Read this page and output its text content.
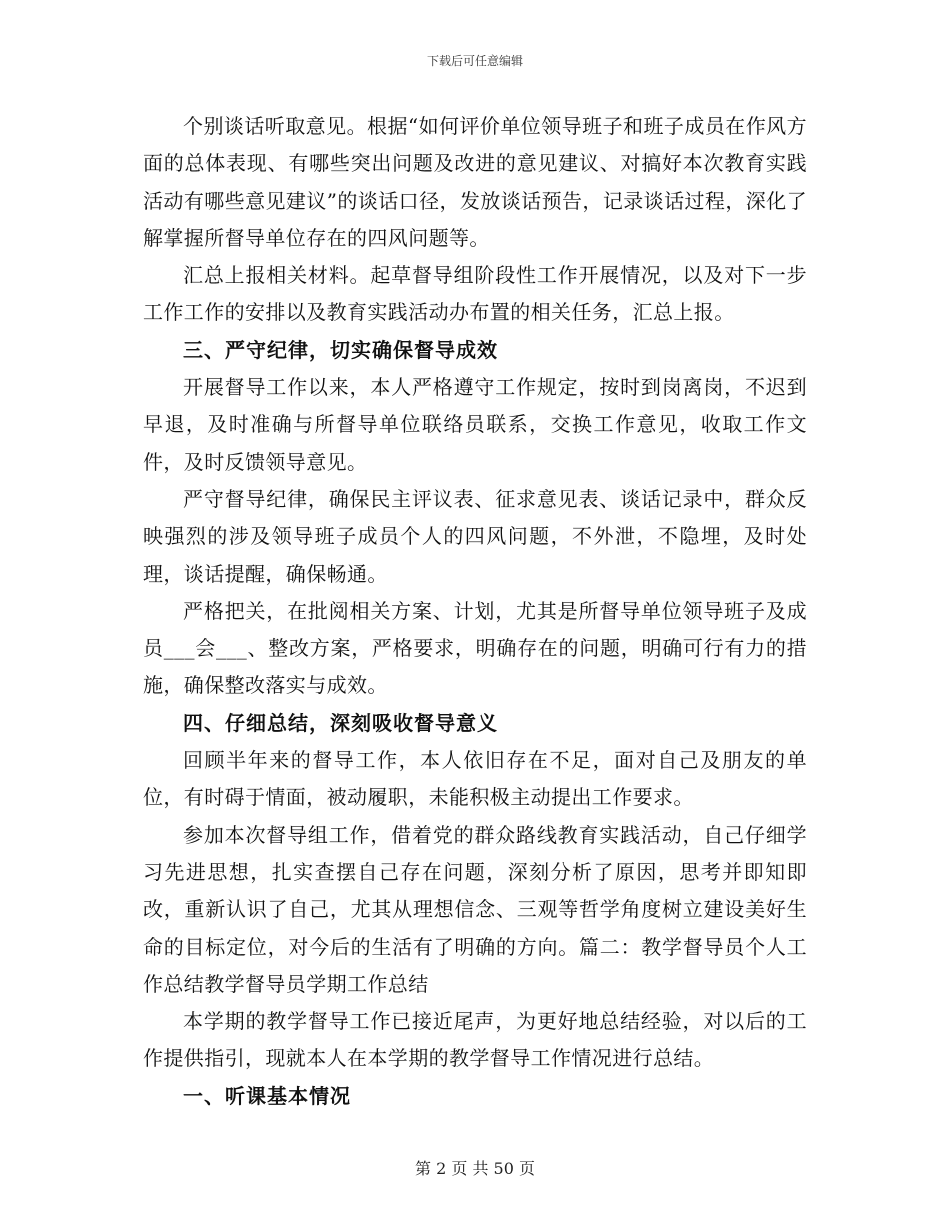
下载后可任意编辑

个别谈话听取意见。根据“如何评价单位领导班子和班子成员在作风方面的总体表现、有哪些突出问题及改进的意见建议、对搞好本次教育实践活动有哪些意见建议”的谈话口径，发放谈话预告，记录谈话过程，深化了解掌握所督导单位存在的四风问题等。

汇总上报相关材料。起草督导组阶段性工作开展情况，以及对下一步工作工作的安排以及教育实践活动办布置的相关任务，汇总上报。

三、严守纪律，切实确保督导成效

开展督导工作以来，本人严格遵守工作规定，按时到岗离岗，不迟到早退，及时准确与所督导单位联络员联系，交换工作意见，收取工作文件，及时反馈领导意见。

严守督导纪律，确保民主评议表、征求意见表、谈话记录中，群众反映强烈的涉及领导班子成员个人的四风问题，不外泄，不隐埋，及时处理，谈话提醒，确保畅通。

严格把关，在批阅相关方案、计划，尤其是所督导单位领导班子及成员___会___、整改方案，严格要求，明确存在的问题，明确可行有力的措施，确保整改落实与成效。

四、仔细总结，深刻吸收督导意义

回顾半年来的督导工作，本人依旧存在不足，面对自己及朋友的单位，有时碍于情面，被动履职，未能积极主动提出工作要求。

参加本次督导组工作，借着党的群众路线教育实践活动，自己仔细学习先进思想，扎实查摆自己存在问题，深刻分析了原因，思考并即知即改，重新认识了自己，尤其从理想信念、三观等哲学角度树立建设美好生命的目标定位，对今后的生活有了明确的方向。篇二：教学督导员个人工作总结教学督导员学期工作总结

本学期的教学督导工作已接近尾声，为更好地总结经验，对以后的工作提供指引，现就本人在本学期的教学督导工作情况进行总结。

一、听课基本情况

第 2 页 共 50 页
